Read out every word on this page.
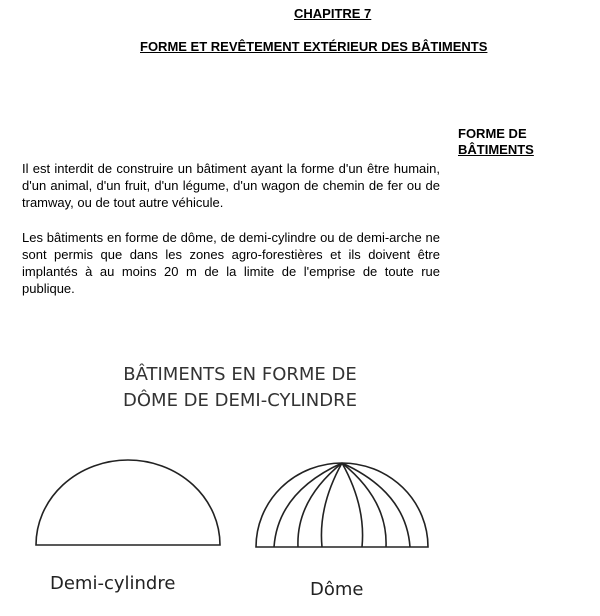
CHAPITRE 7

FORME ET REVÊTEMENT EXTÉRIEUR DES BÂTIMENTS

FORME DE
BÂTIMENTS

Il est interdit de construire un bâtiment ayant la forme d'un être humain, d'un animal, d'un fruit, d'un légume, d'un wagon de chemin de fer ou de tramway, ou de tout autre véhicule.

Les bâtiments en forme de dôme, de demi-cylindre ou de demi-arche ne sont permis que dans les zones agro-forestières et ils doivent être implantés à au moins 20 m de la limite de l'emprise de toute rue publique.

BÂTIMENTS EN FORME DE
DÔME DE DEMI-CYLINDRE

Demi-cylindre	Dôme
